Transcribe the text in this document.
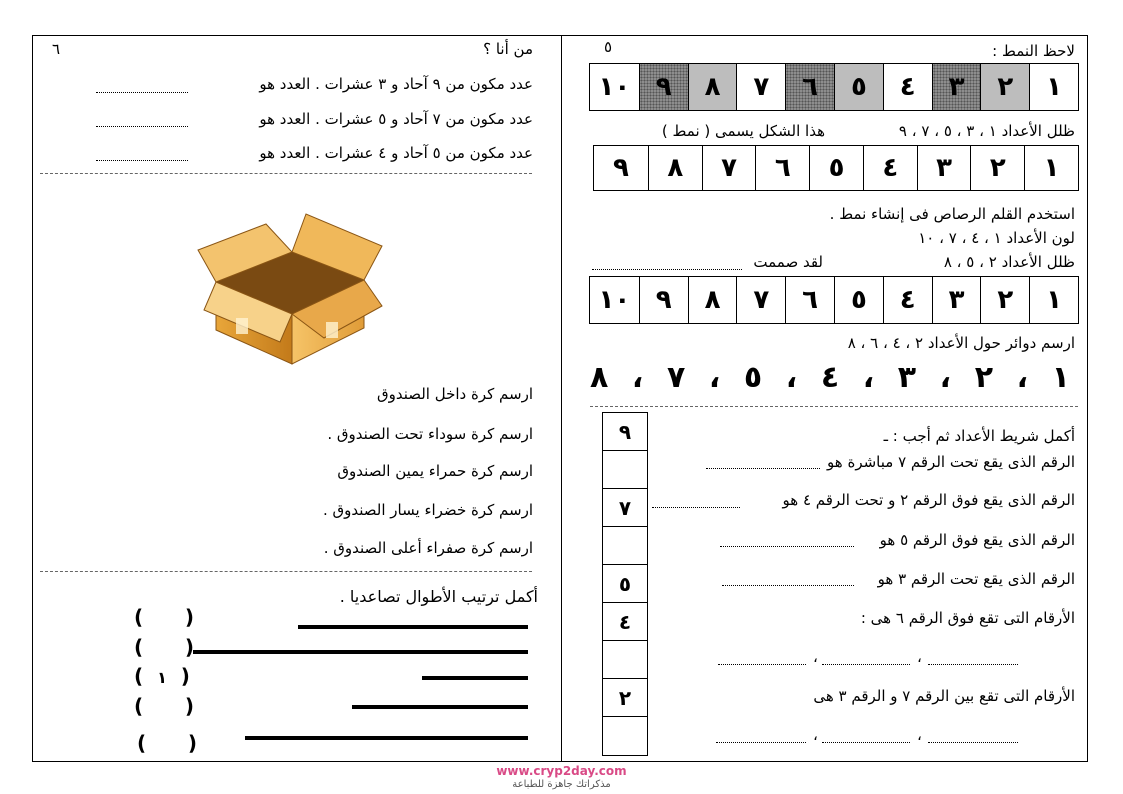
٦	من أنا ؟
عدد مكون من ٩ آحاد و ٣ عشرات . العدد هو
عدد مكون من ٧ آحاد و ٥ عشرات . العدد هو
عدد مكون من ٥ آحاد و ٤ عشرات . العدد هو
ارسم كرة داخل الصندوق
ارسم كرة سوداء تحت الصندوق .
ارسم كرة حمراء يمين الصندوق
ارسم كرة خضراء يسار الصندوق .
ارسم كرة صفراء أعلى الصندوق .
أكمل ترتيب الأطوال تصاعديا .
(      )
(      )
(  ١  )
(      )
(      )
٥	لاحظ النمط :
١
٢
٣
٤
٥
٦
٧
٨
٩
١٠
ظلل الأعداد ١ ، ٣ ، ٥ ، ٧ ، ٩
هذا الشكل يسمى ( نمط )
١
٢
٣
٤
٥
٦
٧
٨
٩
استخدم القلم الرصاص فى إنشاء نمط .
لون الأعداد ١ ، ٤ ، ٧ ، ١٠
ظلل الأعداد ٢ ، ٥ ، ٨
لقد صممت
١
٢
٣
٤
٥
٦
٧
٨
٩
١٠
ارسم دوائر حول الأعداد ٢ ، ٤ ، ٦ ، ٨
١
،
٢
،
٣
،
٤
،
٥
،
٧
،
٨
٩
٧
٥
٤
٢
أكمل شريط الأعداد ثم أجب : ـ
الرقم الذى يقع تحت الرقم ٧ مباشرة هو
الرقم الذى يقع فوق الرقم ٢ و تحت الرقم ٤ هو
الرقم الذى يقع فوق الرقم ٥ هو
الرقم الذى يقع تحت الرقم ٣ هو
الأرقام التى تقع فوق الرقم ٦ هى :
،	،
الأرقام التى تقع بين الرقم ٧ و الرقم ٣ هى
،	،
www.cryp2day.com
مذكراتك جاهزة للطباعة
